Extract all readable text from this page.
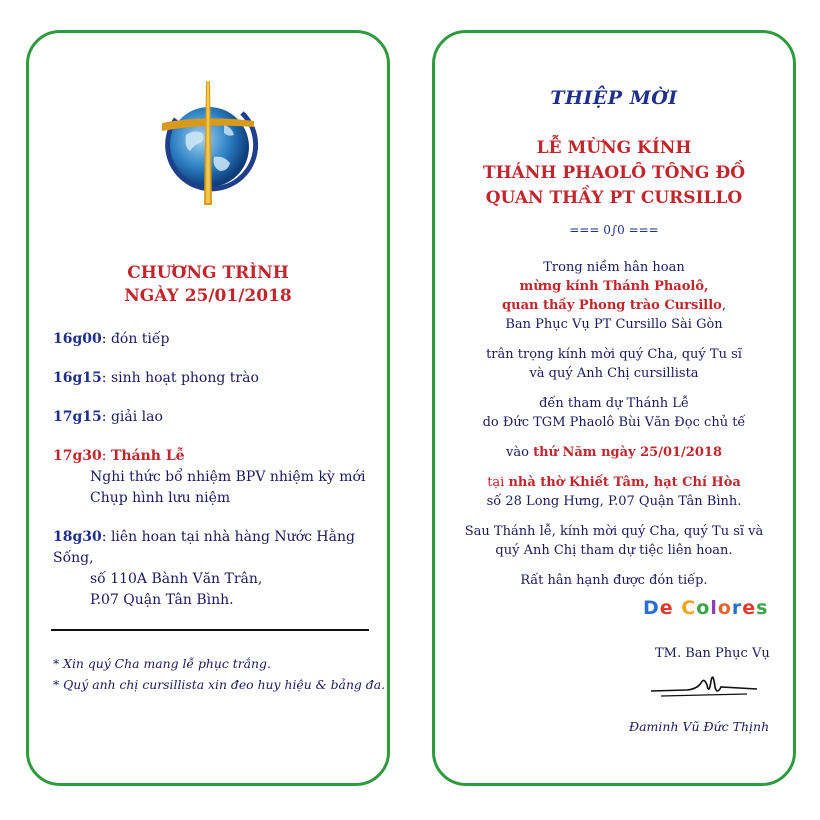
CHƯƠNG TRÌNH
NGÀY 25/01/2018
16g00: đón tiếp
16g15: sinh hoạt phong trào
17g15: giải lao
17g30: Thánh Lễ
Nghi thức bổ nhiệm BPV nhiệm kỳ mới
Chụp hình lưu niệm
18g30: liên hoan tại nhà hàng Nước Hằng Sống,
số 110A Bành Văn Trân,
P.07 Quận Tân Bình.
* Xin quý Cha mang lễ phục trắng.
* Quý anh chị cursillista xin đeo huy hiệu & bảng đa.
THIỆP MỜI
LỄ MỪNG KÍNH
THÁNH PHAOLÔ TÔNG ĐỒ
QUAN THẦY PT CURSILLO
=== 0∫0 ===
Trong niềm hân hoan
mừng kính Thánh Phaolô,
quan thầy Phong trào Cursillo,
Ban Phục Vụ PT Cursillo Sài Gòn
trân trọng kính mời quý Cha, quý Tu sĩ
và quý Anh Chị cursillista
đến tham dự Thánh Lễ
do Đức TGM Phaolô Bùi Văn Đọc chủ tế
vào thứ Năm ngày 25/01/2018
tại nhà thờ Khiết Tâm, hạt Chí Hòa
số 28 Long Hưng, P.07 Quận Tân Bình.
Sau Thánh lễ, kính mời quý Cha, quý Tu sĩ và
quý Anh Chị tham dự tiệc liên hoan.
Rất hân hạnh được đón tiếp.
De Colores
TM. Ban Phục Vụ
Đaminh Vũ Đức Thịnh
